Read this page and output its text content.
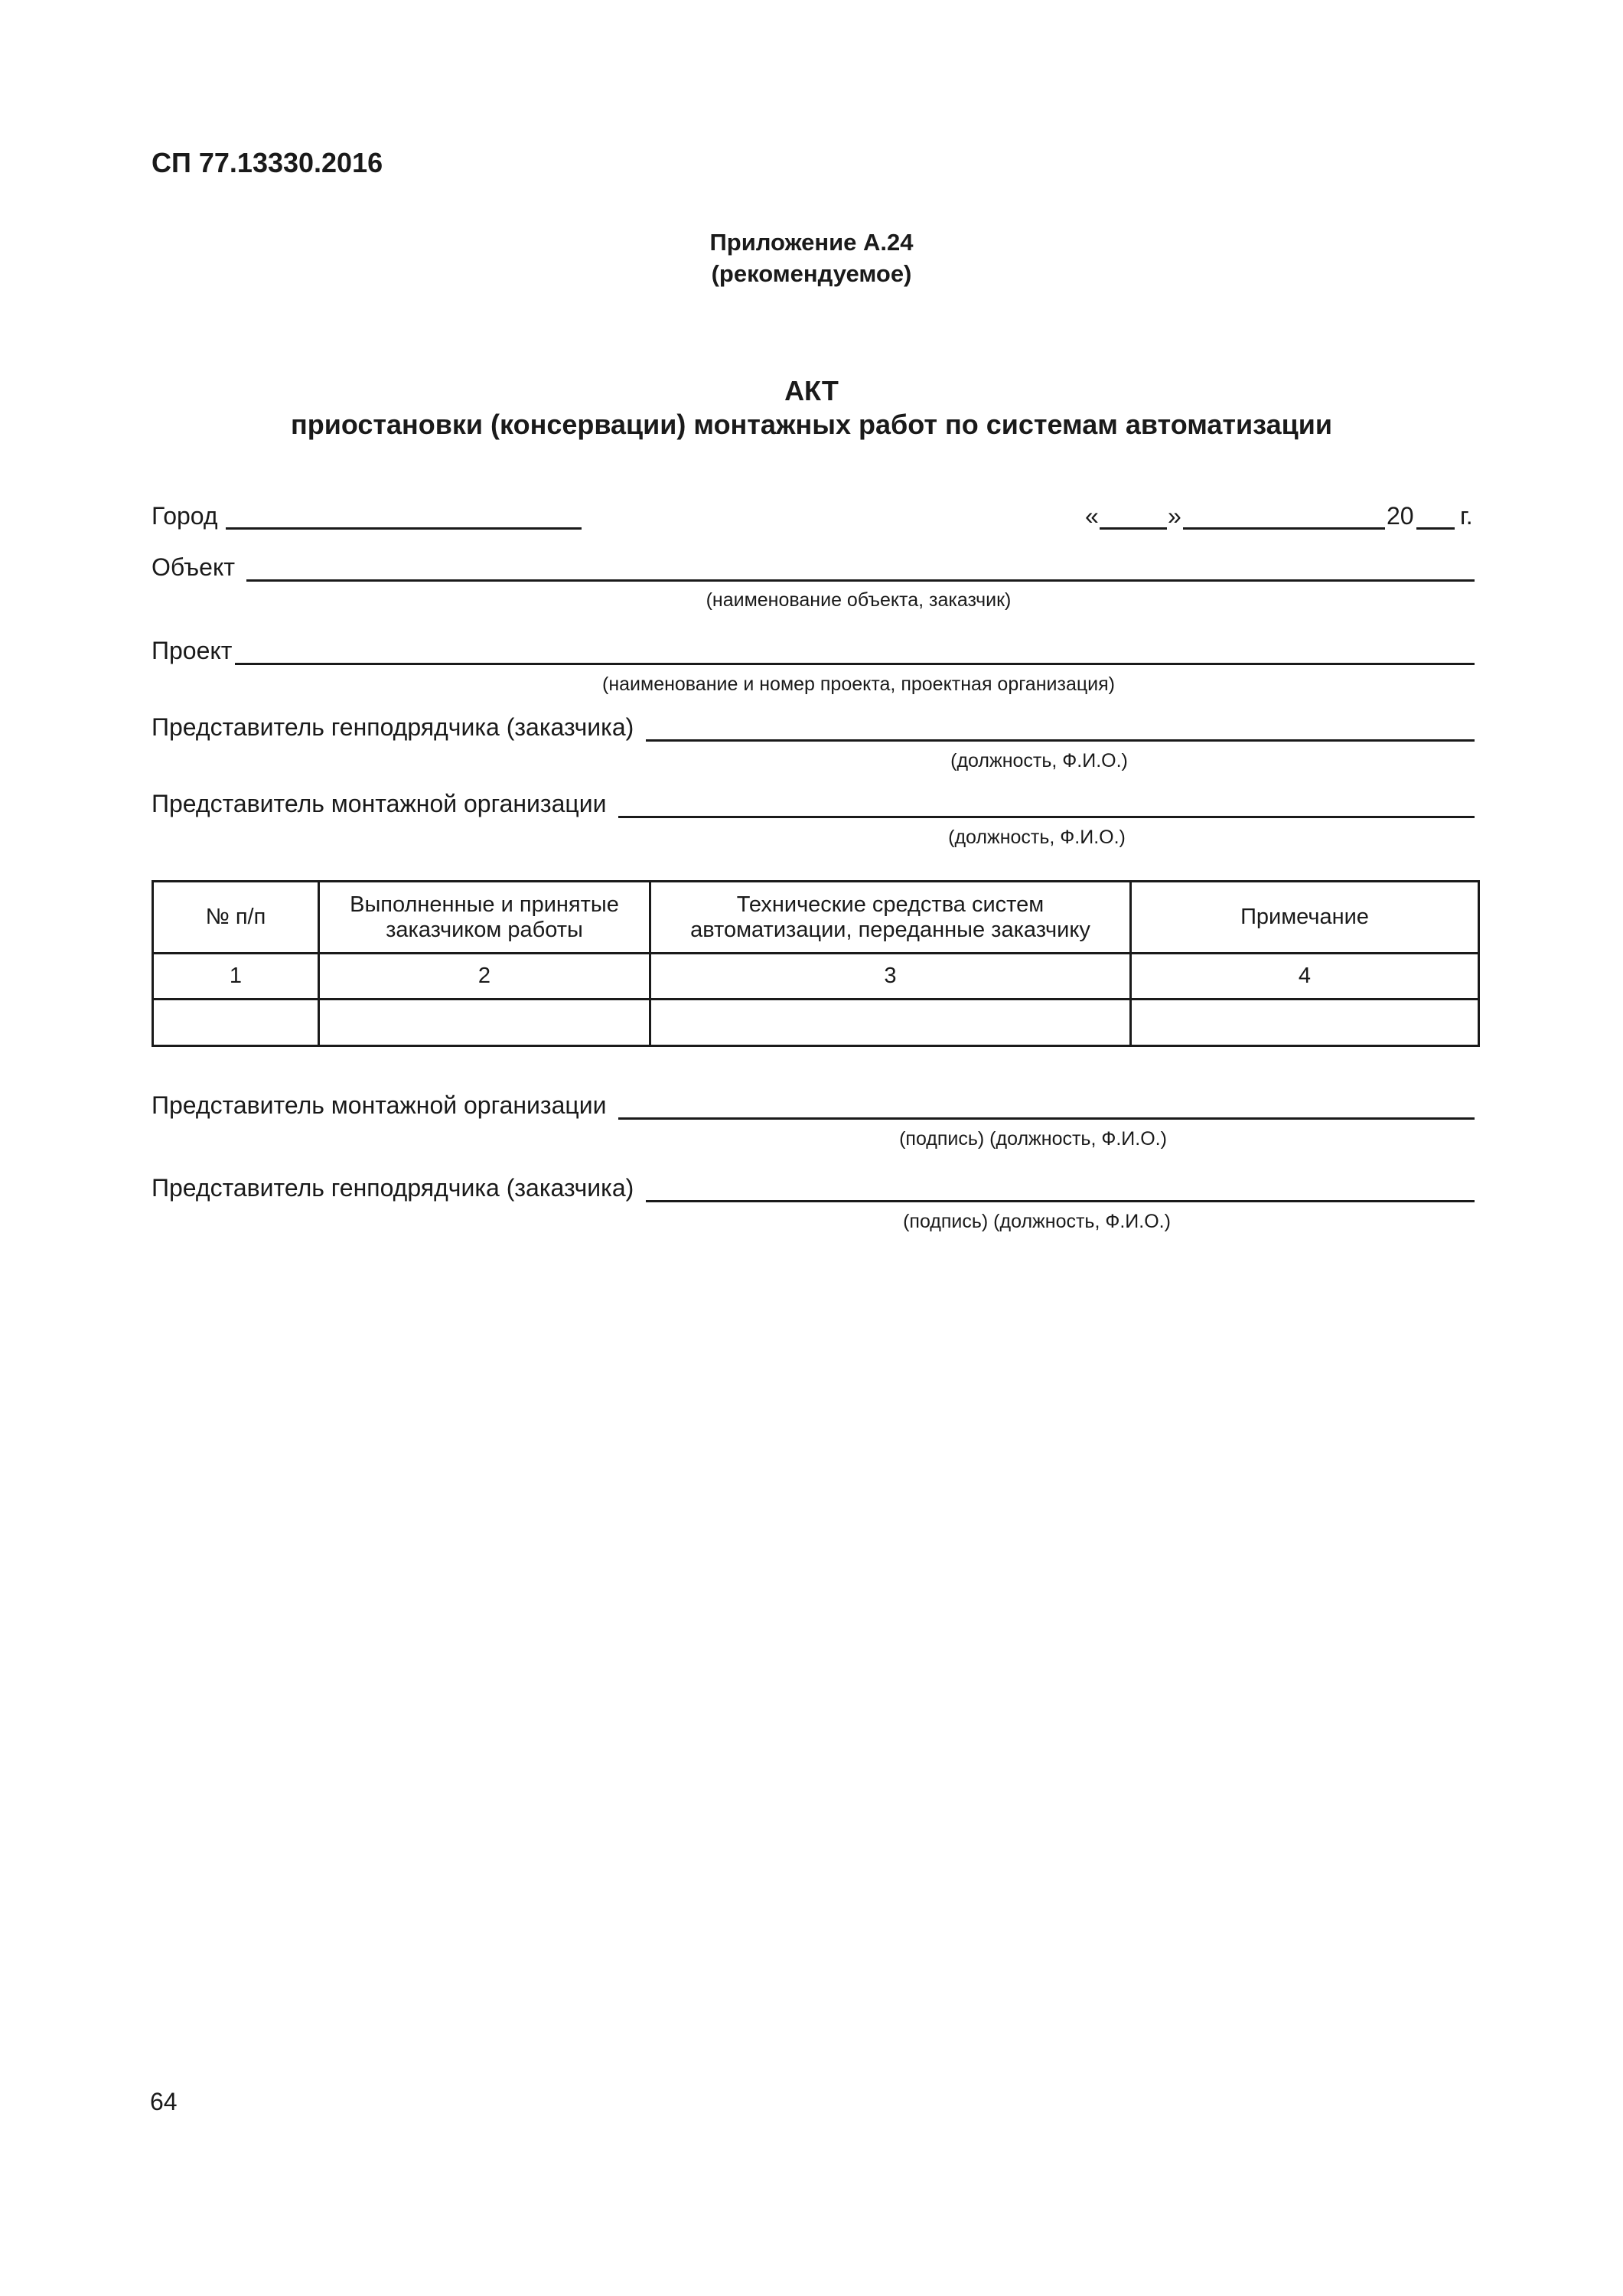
СП 77.13330.2016
Приложение А.24
(рекомендуемое)
АКТ
приостановки (консервации) монтажных работ по системам автоматизации
Город	«	»	20 г.
Объект
(наименование объекта, заказчик)
Проект
(наименование и номер проекта, проектная организация)
Представитель генподрядчика (заказчика)
(должность, Ф.И.О.)
Представитель монтажной организации
(должность, Ф.И.О.)
№ п/п	Выполненные и принятые заказчиком работы	Технические средства систем автоматизации, переданные заказчику	Примечание
1	2	3	4

Представитель монтажной организации
(подпись) (должность, Ф.И.О.)
Представитель генподрядчика (заказчика)
(подпись) (должность, Ф.И.О.)
64
